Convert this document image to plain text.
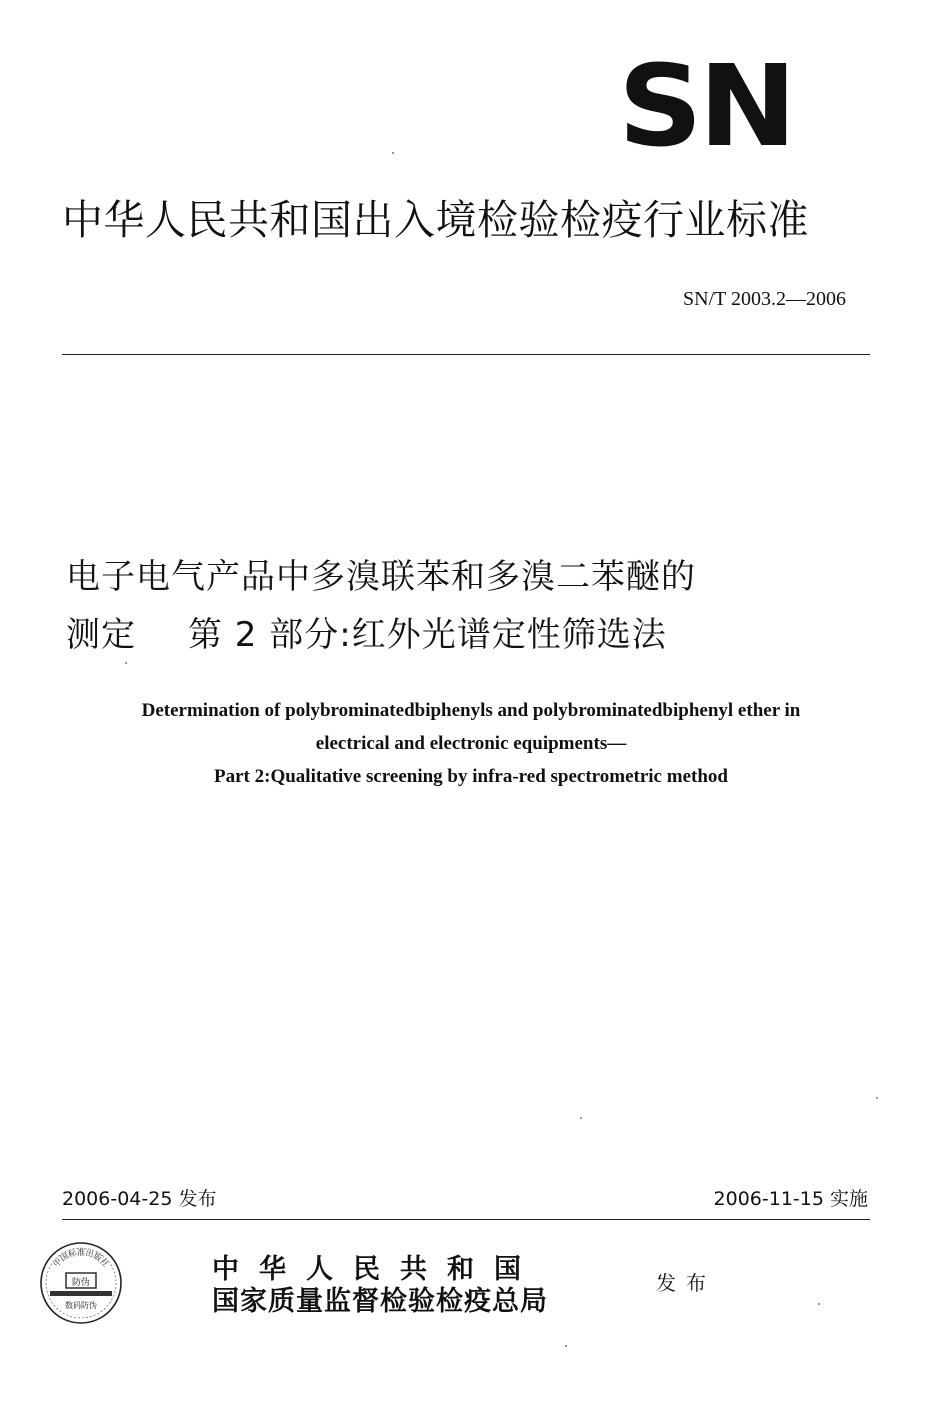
SN
中华人民共和国出入境检验检疫行业标准
SN/T 2003.2—2006
电子电气产品中多溴联苯和多溴二苯醚的
测定 第 2 部分:红外光谱定性筛选法
Determination of polybrominatedbiphenyls and polybrominatedbiphenyl ether in
electrical and electronic equipments—
Part 2:Qualitative screening by infra-red spectrometric method
2006-04-25 发布	2006-11-15 实施
中国标准出版社
防伪
数码防伪
中华人民共和国
国家质量监督检验检疫总局
发布
